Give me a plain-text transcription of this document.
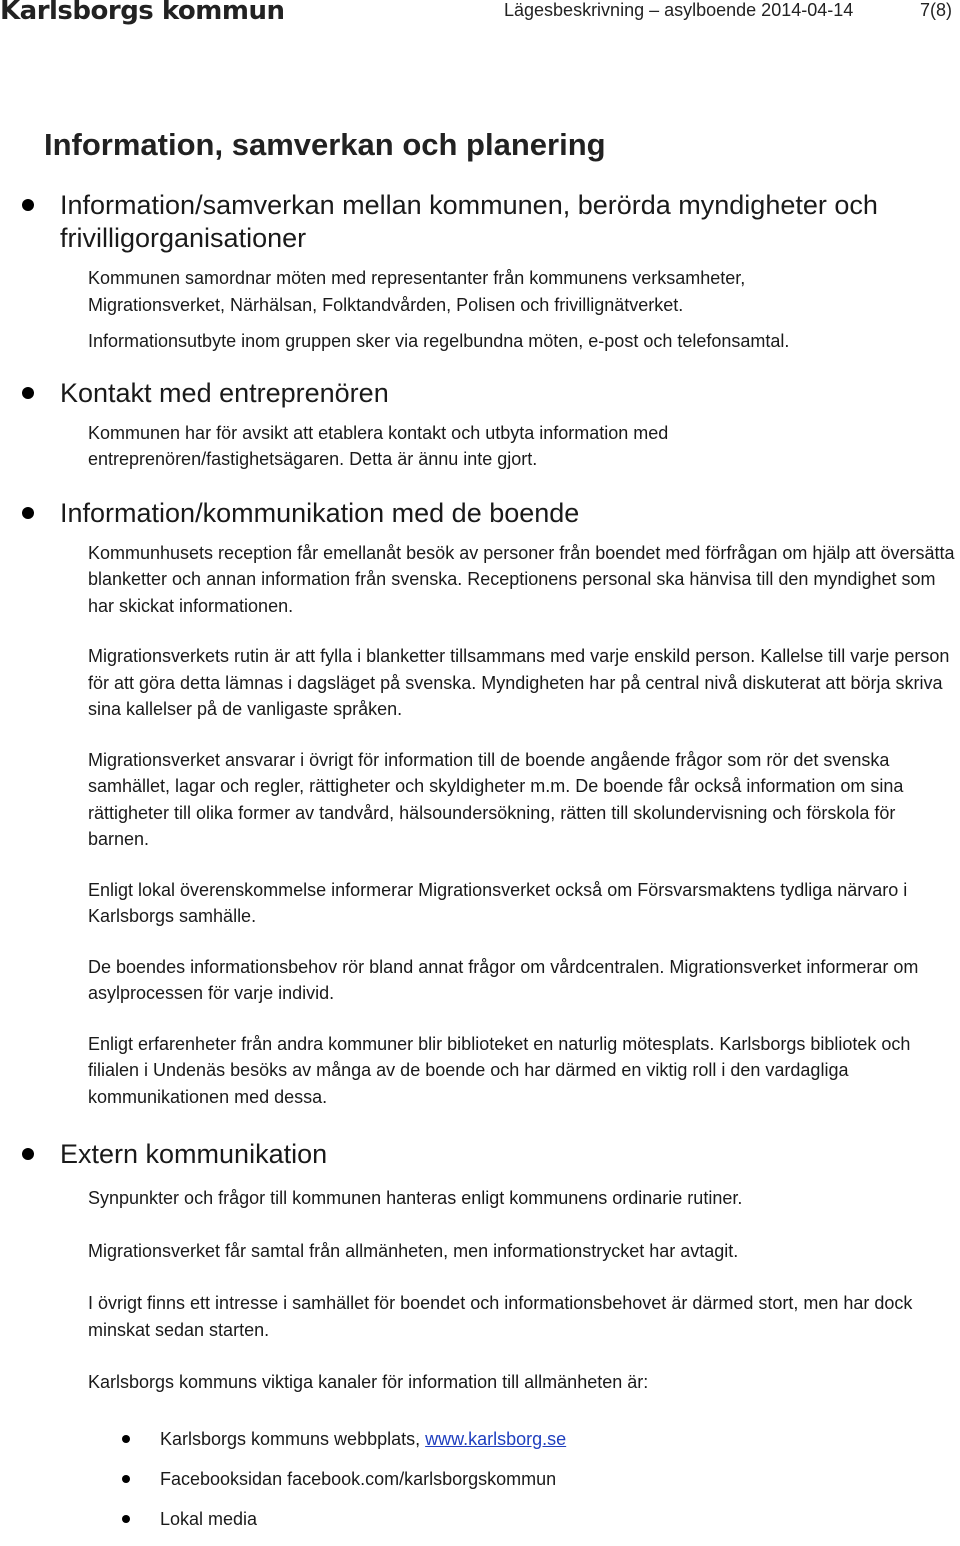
Karlsborgs kommun	Lägesbeskrivning – asylboende 2014-04-14	7(8)
Information, samverkan och planering
Information/samverkan mellan kommunen, berörda myndigheter och frivilligorganisationer

Kommunen samordnar möten med representanter från kommunens verksamheter, Migrationsverket, Närhälsan, Folktandvården, Polisen och frivillignätverket.

Informationsutbyte inom gruppen sker via regelbundna möten, e-post och telefonsamtal.

Kontakt med entreprenören

Kommunen har för avsikt att etablera kontakt och utbyta information med entreprenören/fastighetsägaren. Detta är ännu inte gjort.

Information/kommunikation med de boende

Kommunhusets reception får emellanåt besök av personer från boendet med förfrågan om hjälp att översätta blanketter och annan information från svenska. Receptionens personal ska hänvisa till den myndighet som har skickat informationen.

Migrationsverkets rutin är att fylla i blanketter tillsammans med varje enskild person. Kallelse till varje person för att göra detta lämnas i dagsläget på svenska. Myndigheten har på central nivå diskuterat att börja skriva sina kallelser på de vanligaste språken.

Migrationsverket ansvarar i övrigt för information till de boende angående frågor som rör det svenska samhället, lagar och regler, rättigheter och skyldigheter m.m. De boende får också information om sina rättigheter till olika former av tandvård, hälsoundersökning, rätten till skolundervisning och förskola för barnen.

Enligt lokal överenskommelse informerar Migrationsverket också om Försvarsmaktens tydliga närvaro i Karlsborgs samhälle.

De boendes informationsbehov rör bland annat frågor om vårdcentralen. Migrationsverket informerar om asylprocessen för varje individ.

Enligt erfarenheter från andra kommuner blir biblioteket en naturlig mötesplats. Karlsborgs bibliotek och filialen i Undenäs besöks av många av de boende och har därmed en viktig roll i den vardagliga kommunikationen med dessa.

Extern kommunikation

Synpunkter och frågor till kommunen hanteras enligt kommunens ordinarie rutiner.

Migrationsverket får samtal från allmänheten, men informationstrycket har avtagit.

I övrigt finns ett intresse i samhället för boendet och informationsbehovet är därmed stort, men har dock minskat sedan starten.

Karlsborgs kommuns viktiga kanaler för information till allmänheten är:

Karlsborgs kommuns webbplats, www.karlsborg.se
Facebooksidan facebook.com/karlsborgskommun
Lokal media
